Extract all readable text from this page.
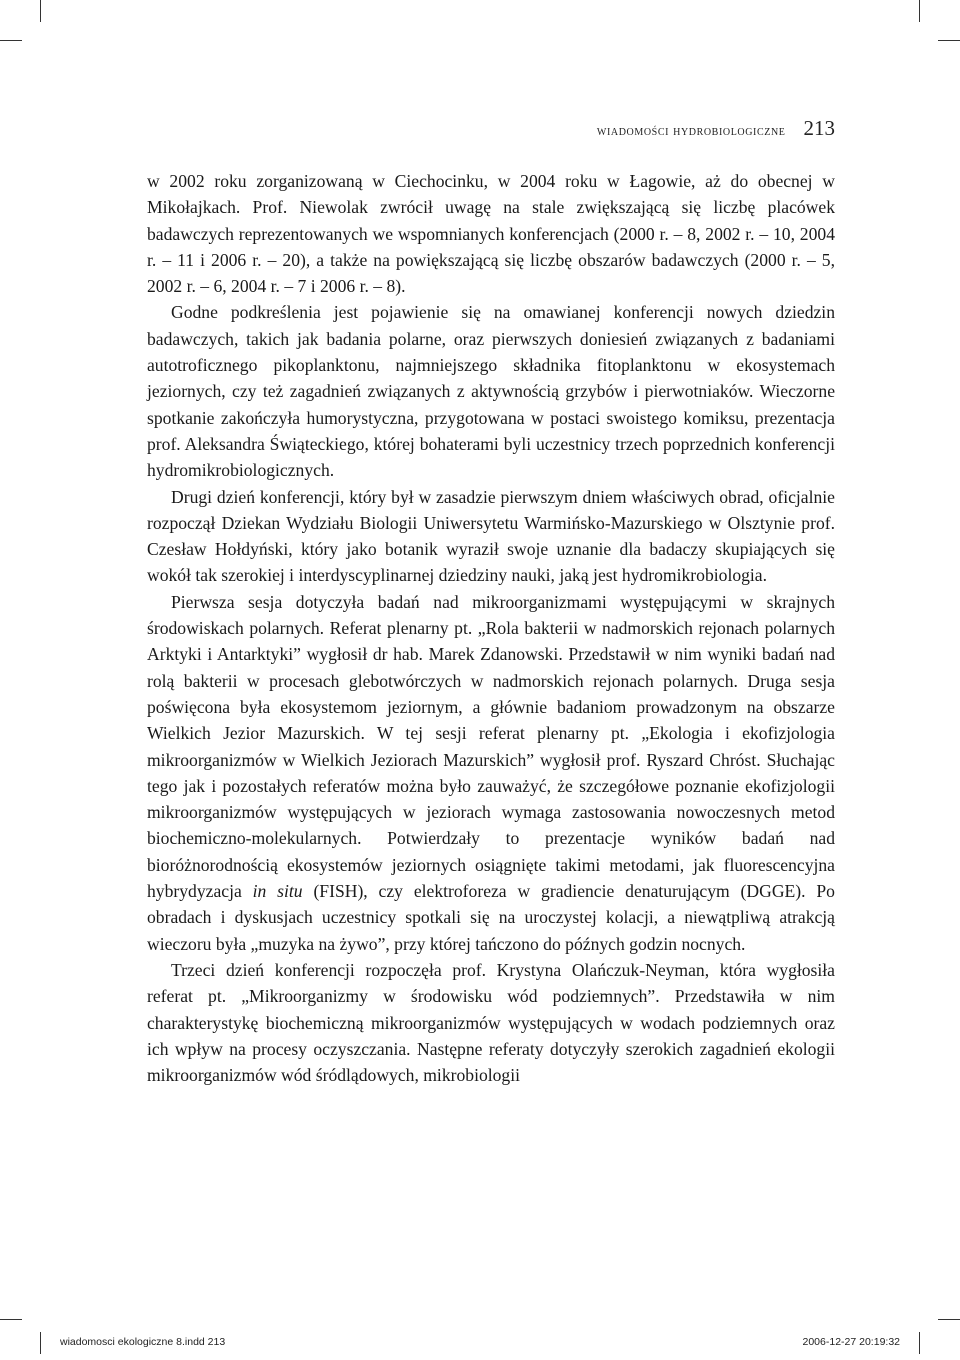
wiadomości hydrobiologiczne 213

w 2002 roku zorganizowaną w Ciechocinku, w 2004 roku w Łagowie, aż do obecnej w Mikołajkach. Prof. Niewolak zwrócił uwagę na stale zwiększającą się liczbę placówek badawczych reprezentowanych we wspomnianych konferencjach (2000 r. – 8, 2002 r. – 10, 2004 r. – 11 i 2006 r. – 20), a także na powiększającą się liczbę obszarów badawczych (2000 r. – 5, 2002 r. – 6, 2004 r. – 7 i 2006 r. – 8).

Godne podkreślenia jest pojawienie się na omawianej konferencji nowych dziedzin badawczych, takich jak badania polarne, oraz pierwszych doniesień związanych z badaniami autotroficznego pikoplanktonu, najmniejszego składnika fitoplanktonu w ekosystemach jeziornych, czy też zagadnień związanych z aktywnością grzybów i pierwotniaków. Wieczorne spotkanie zakończyła humorystyczna, przygotowana w postaci swoistego komiksu, prezentacja prof. Aleksandra Świąteckiego, której bohaterami byli uczestnicy trzech poprzednich konferencji hydromikrobiologicznych.

Drugi dzień konferencji, który był w zasadzie pierwszym dniem właściwych obrad, oficjalnie rozpoczął Dziekan Wydziału Biologii Uniwersytetu Warmińsko-Mazurskiego w Olsztynie prof. Czesław Hołdyński, który jako botanik wyraził swoje uznanie dla badaczy skupiających się wokół tak szerokiej i interdyscyplinarnej dziedziny nauki, jaką jest hydromikrobiologia.

Pierwsza sesja dotyczyła badań nad mikroorganizmami występującymi w skrajnych środowiskach polarnych. Referat plenarny pt. „Rola bakterii w nadmorskich rejonach polarnych Arktyki i Antarktyki” wygłosił dr hab. Marek Zdanowski. Przedstawił w nim wyniki badań nad rolą bakterii w procesach glebotwórczych w nadmorskich rejonach polarnych. Druga sesja poświęcona była ekosystemom jeziornym, a głównie badaniom prowadzonym na obszarze Wielkich Jezior Mazurskich. W tej sesji referat plenarny pt. „Ekologia i ekofizjologia mikroorganizmów w Wielkich Jeziorach Mazurskich” wygłosił prof. Ryszard Chróst. Słuchając tego jak i pozostałych referatów można było zauważyć, że szczegółowe poznanie ekofizjologii mikroorganizmów występujących w jeziorach wymaga zastosowania nowoczesnych metod biochemiczno-molekularnych. Potwierdzały to prezentacje wyników badań nad bioróżnorodnością ekosystemów jeziornych osiągnięte takimi metodami, jak fluorescencyjna hybrydyzacja in situ (FISH), czy elektroforeza w gradiencie denaturującym (DGGE). Po obradach i dyskusjach uczestnicy spotkali się na uroczystej kolacji, a niewątpliwą atrakcją wieczoru była „muzyka na żywo”, przy której tańczono do późnych godzin nocnych.

Trzeci dzień konferencji rozpoczęła prof. Krystyna Olańczuk-Neyman, która wygłosiła referat pt. „Mikroorganizmy w środowisku wód podziemnych”. Przedstawiła w nim charakterystykę biochemiczną mikroorganizmów występujących w wodach podziemnych oraz ich wpływ na procesy oczyszczania. Następne referaty dotyczyły szerokich zagadnień ekologii mikroorganizmów wód śródlądowych, mikrobiologii

wiadomosci ekologiczne 8.indd 213	2006-12-27 20:19:32
